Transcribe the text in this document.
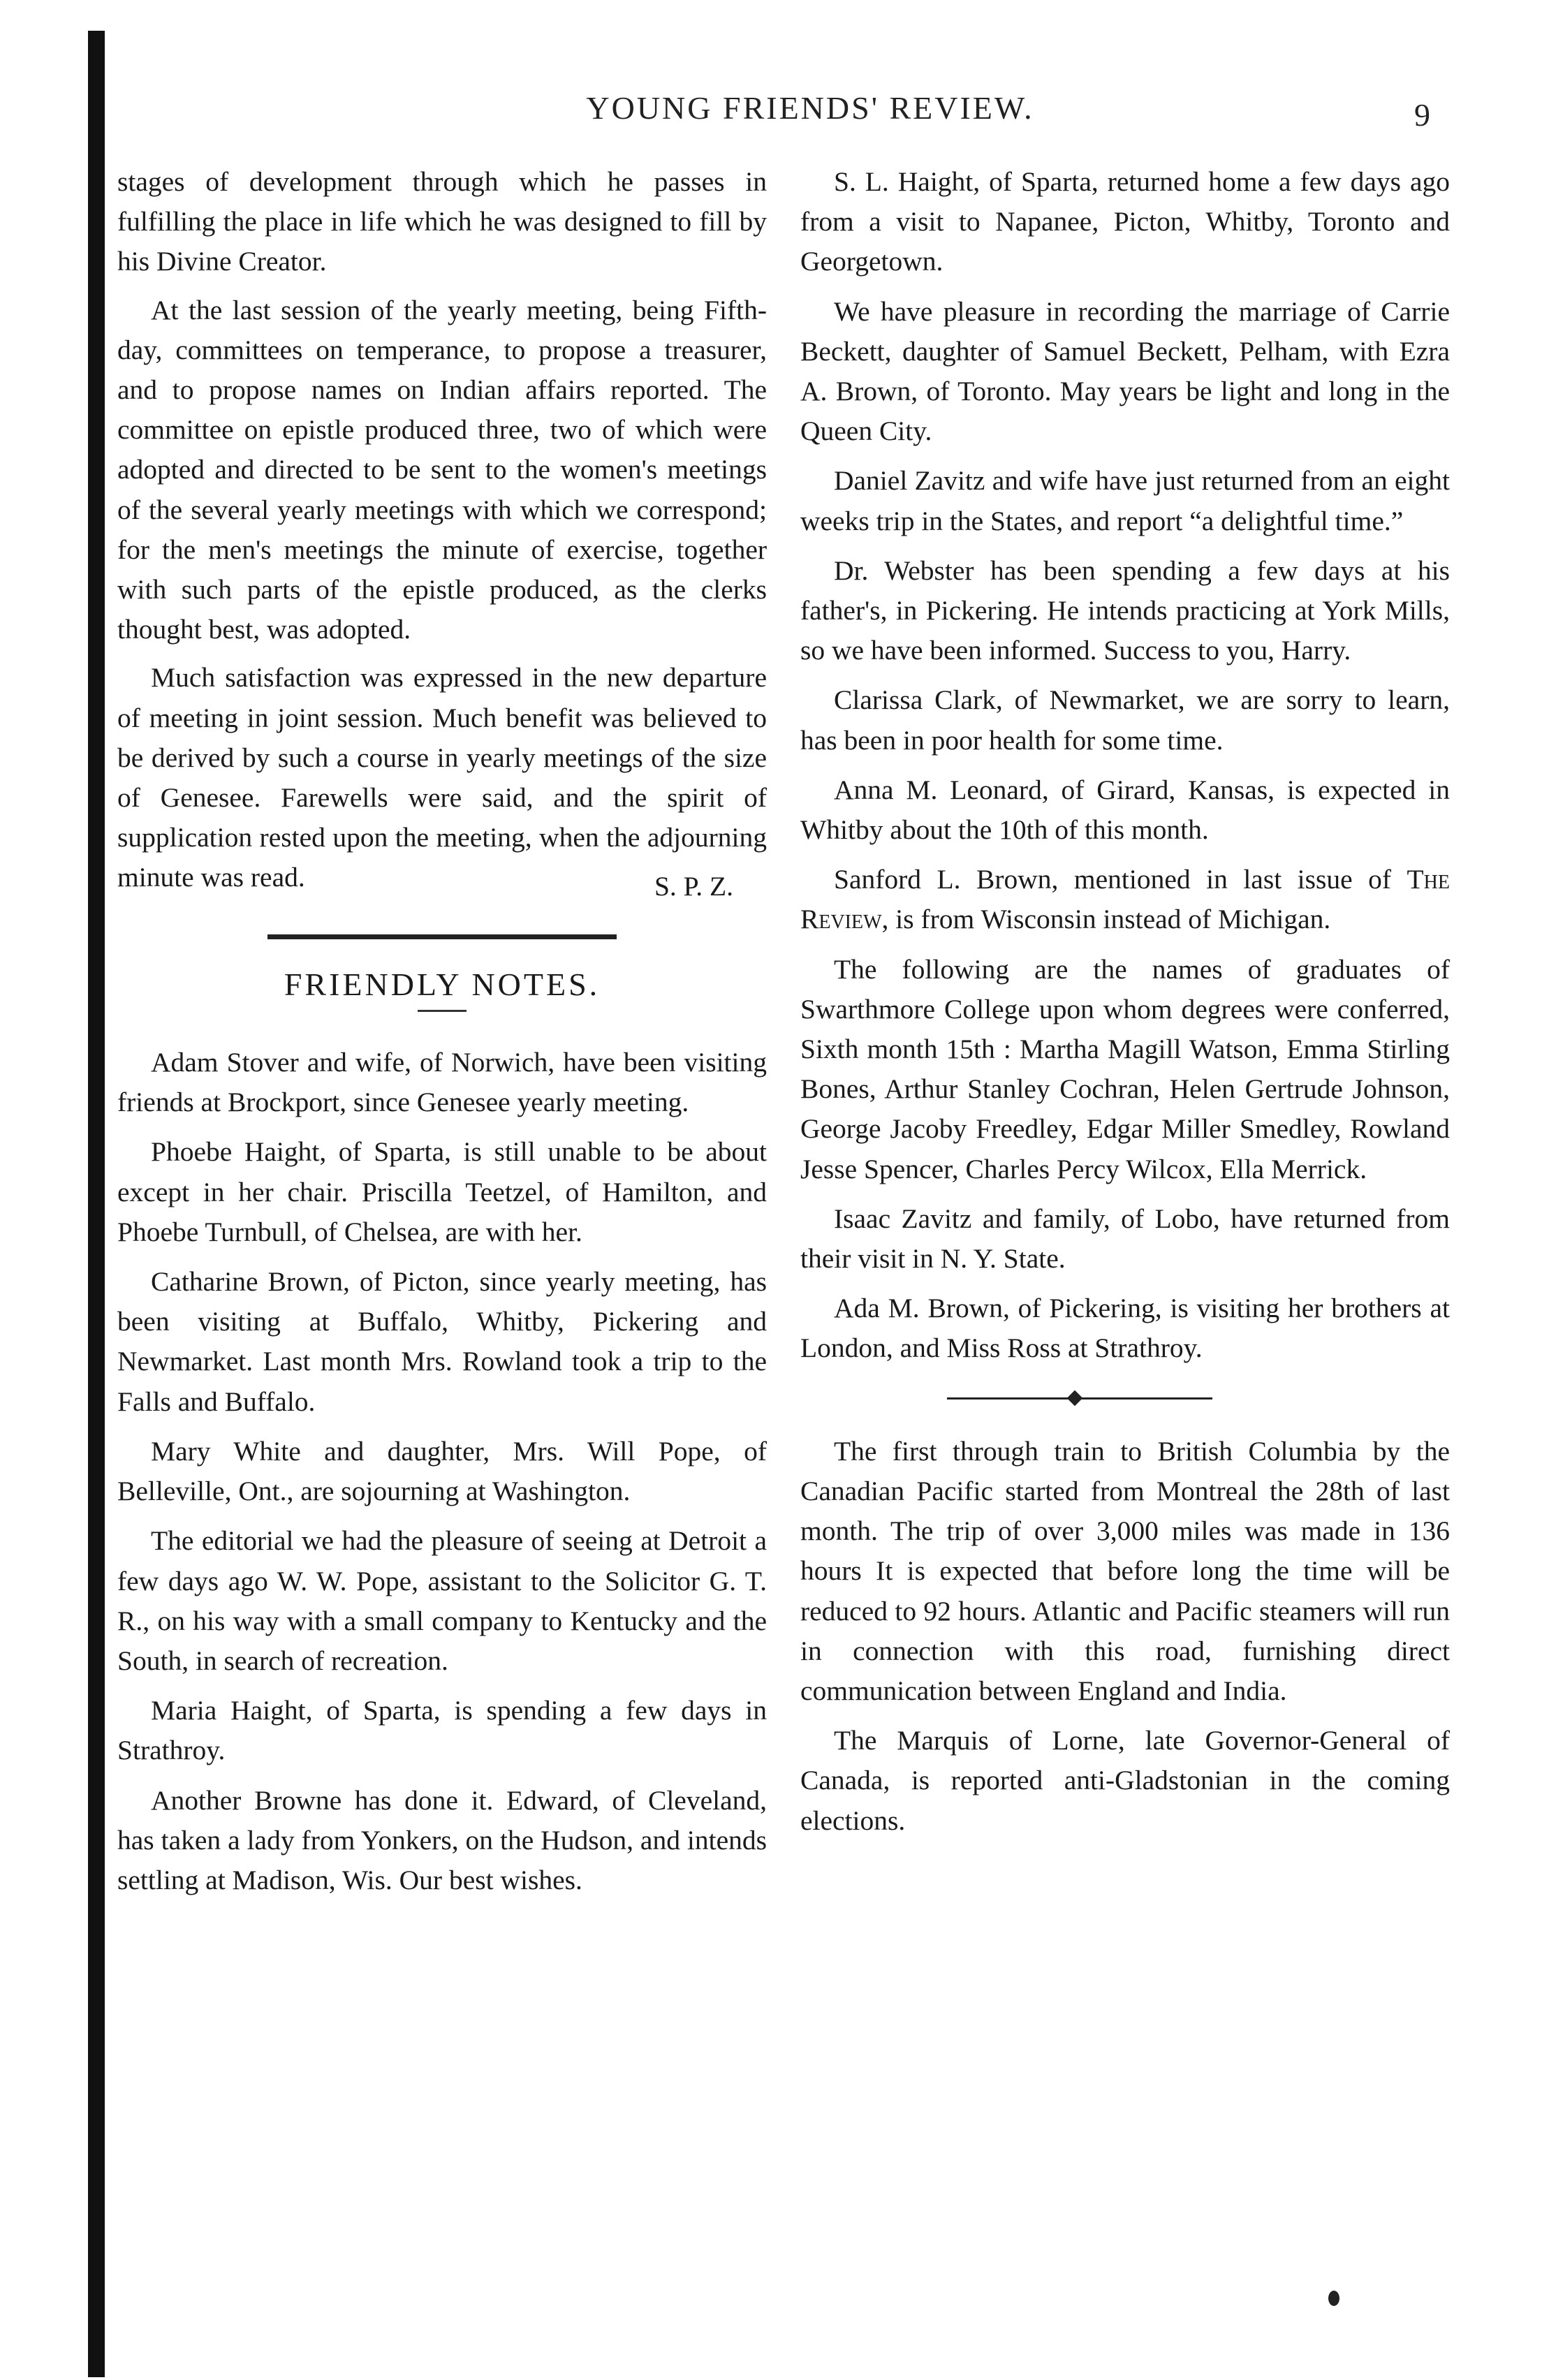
YOUNG FRIENDS' REVIEW.	9

stages of development through which he passes in fulfilling the place in life which he was designed to fill by his Divine Creator.

At the last session of the yearly meeting, being Fifth-day, committees on temperance, to propose a treasurer, and to propose names on Indian affairs reported. The committee on epistle produced three, two of which were adopted and directed to be sent to the women's meetings of the several yearly meetings with which we correspond; for the men's meetings the minute of exercise, together with such parts of the epistle produced, as the clerks thought best, was adopted.

Much satisfaction was expressed in the new departure of meeting in joint session. Much benefit was believed to be derived by such a course in yearly meetings of the size of Genesee. Farewells were said, and the spirit of supplication rested upon the meeting, when the adjourning minute was read.	S. P. Z.
FRIENDLY NOTES.

Adam Stover and wife, of Norwich, have been visiting friends at Brockport, since Genesee yearly meeting.

Phoebe Haight, of Sparta, is still unable to be about except in her chair. Priscilla Teetzel, of Hamilton, and Phoebe Turnbull, of Chelsea, are with her.

Catharine Brown, of Picton, since yearly meeting, has been visiting at Buffalo, Whitby, Pickering and Newmarket. Last month Mrs. Rowland took a trip to the Falls and Buffalo.

Mary White and daughter, Mrs. Will Pope, of Belleville, Ont., are sojourning at Washington.

The editorial we had the pleasure of seeing at Detroit a few days ago W. W. Pope, assistant to the Solicitor G. T. R., on his way with a small company to Kentucky and the South, in search of recreation.

Maria Haight, of Sparta, is spending a few days in Strathroy.

Another Browne has done it. Edward, of Cleveland, has taken a lady from Yonkers, on the Hudson, and intends settling at Madison, Wis. Our best wishes.

S. L. Haight, of Sparta, returned home a few days ago from a visit to Napanee, Picton, Whitby, Toronto and Georgetown.

We have pleasure in recording the marriage of Carrie Beckett, daughter of Samuel Beckett, Pelham, with Ezra A. Brown, of Toronto. May years be light and long in the Queen City.

Daniel Zavitz and wife have just returned from an eight weeks trip in the States, and report “a delightful time.”

Dr. Webster has been spending a few days at his father's, in Pickering. He intends practicing at York Mills, so we have been informed. Success to you, Harry.

Clarissa Clark, of Newmarket, we are sorry to learn, has been in poor health for some time.

Anna M. Leonard, of Girard, Kansas, is expected in Whitby about the 10th of this month.

Sanford L. Brown, mentioned in last issue of The Review, is from Wisconsin instead of Michigan.

The following are the names of graduates of Swarthmore College upon whom degrees were conferred, Sixth month 15th : Martha Magill Watson, Emma Stirling Bones, Arthur Stanley Cochran, Helen Gertrude Johnson, George Jacoby Freedley, Edgar Miller Smedley, Rowland Jesse Spencer, Charles Percy Wilcox, Ella Merrick.

Isaac Zavitz and family, of Lobo, have returned from their visit in N. Y. State.

Ada M. Brown, of Pickering, is visiting her brothers at London, and Miss Ross at Strathroy.

The first through train to British Columbia by the Canadian Pacific started from Montreal the 28th of last month. The trip of over 3,000 miles was made in 136 hours It is expected that before long the time will be reduced to 92 hours. Atlantic and Pacific steamers will run in connection with this road, furnishing direct communication between England and India.

The Marquis of Lorne, late Governor-General of Canada, is reported anti-Gladstonian in the coming elections.
